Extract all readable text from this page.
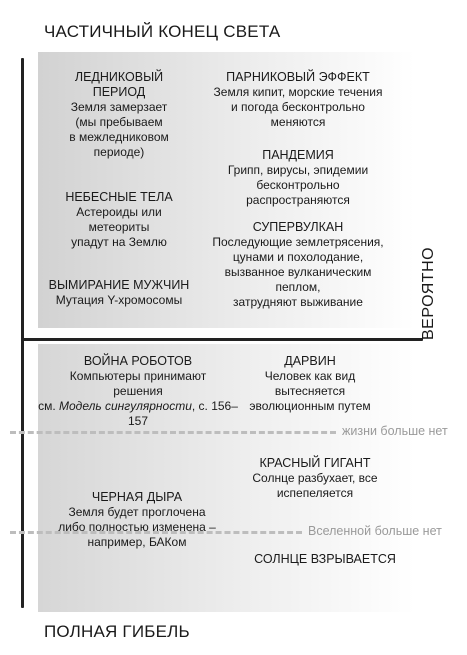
ЧАСТИЧНЫЙ КОНЕЦ СВЕТА
ПОЛНАЯ ГИБЕЛЬ
ВЕРОЯТНО
ЛЕДНИКОВЫЙ
ПЕРИОД
Земля замерзает
(мы пребываем
в межледниковом
периоде)
НЕБЕСНЫЕ ТЕЛА
Астероиды или
метеориты
упадут на Землю
ВЫМИРАНИЕ МУЖЧИН
Мутация Y-хромосомы
ПАРНИКОВЫЙ ЭФФЕКТ
Земля кипит, морские течения
и погода бесконтрольно
меняются
ПАНДЕМИЯ
Грипп, вирусы, эпидемии
бесконтрольно
распространяются
СУПЕРВУЛКАН
Последующие землетрясения,
цунами и похолодание,
вызванное вулканическим
пеплом,
затрудняют выживание
ВОЙНА РОБОТОВ
Компьютеры принимают
решения
см. Модель сингулярности, с. 156–157
ЧЕРНАЯ ДЫРА
Земля будет проглочена
либо полностью изменена –
например, БАКом
ДАРВИН
Человек как вид
вытесняется
эволюционным путем
КРАСНЫЙ ГИГАНТ
Солнце разбухает, все
испепеляется
СОЛНЦЕ ВЗРЫВАЕТСЯ
жизни больше нет
Вселенной больше нет
